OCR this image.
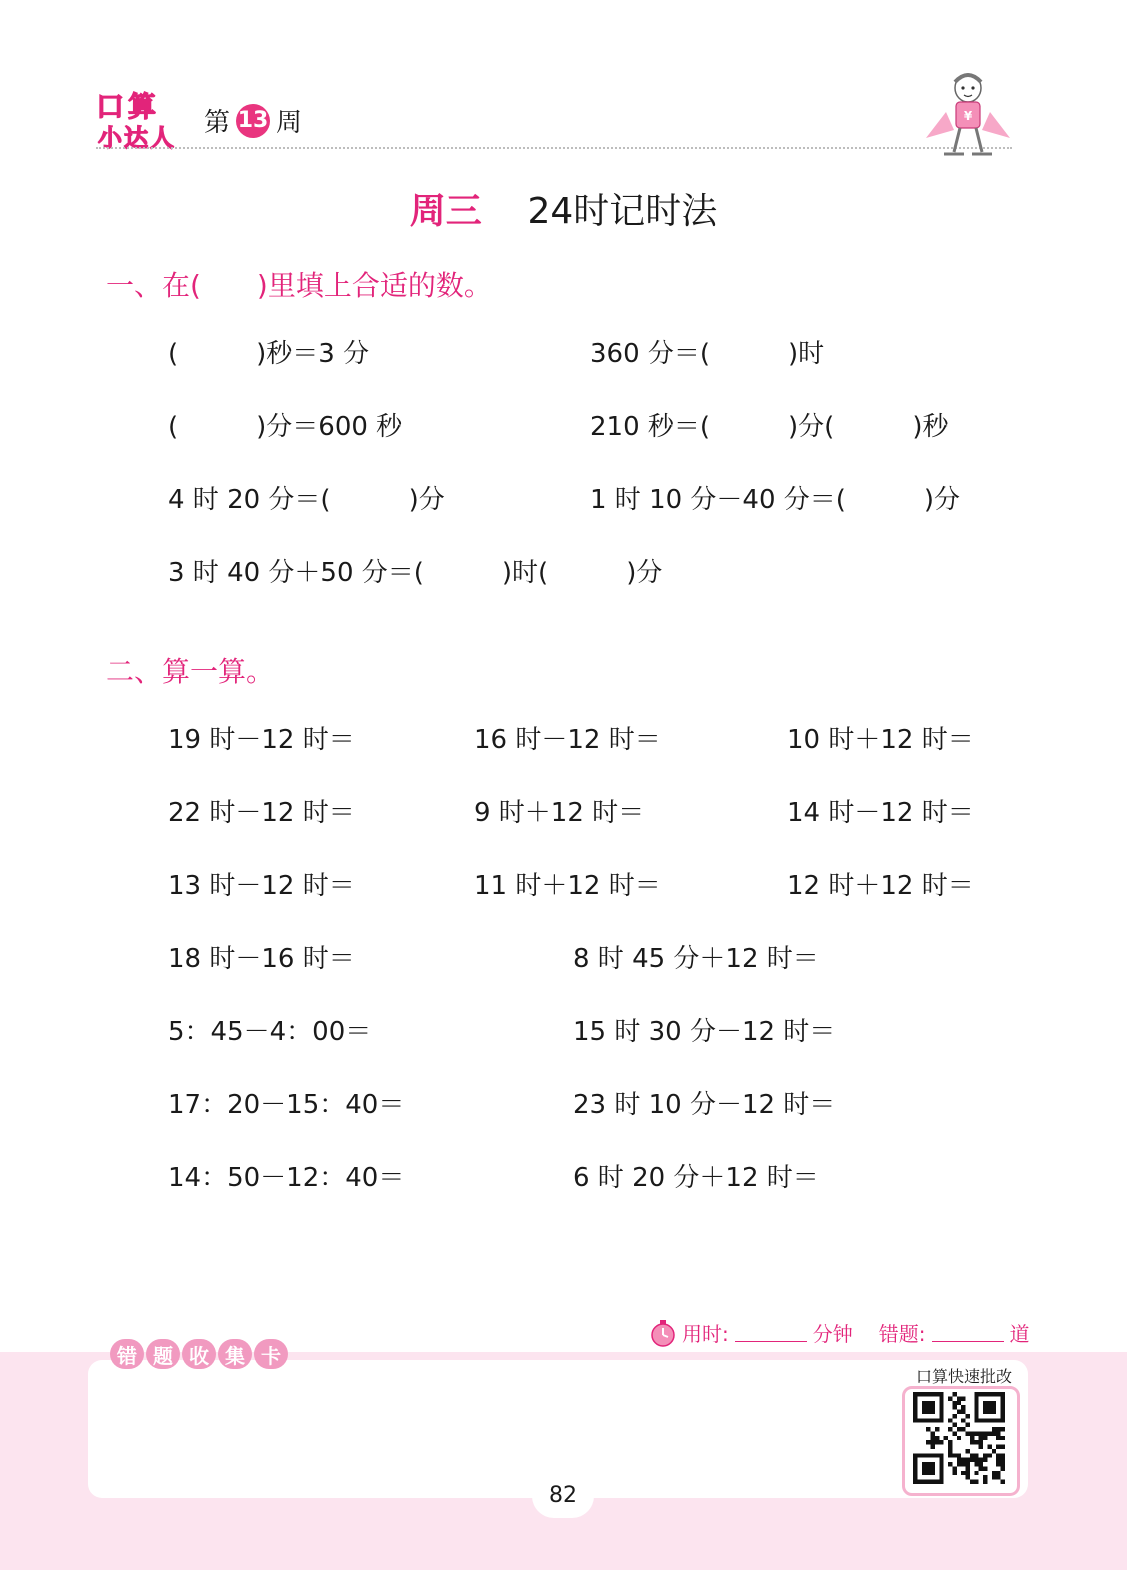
口 算
小 达 人 第 13 周	¥
周三 24时记时法
一、在(　　)里填上合适的数。
(　　　)秒＝3 分	360 分＝(　　　)时
(　　　)分＝600 秒	210 秒＝(　　　)分(　　　)秒
4 时 20 分＝(　　　)分	1 时 10 分－40 分＝(　　　)分
3 时 40 分＋50 分＝(　　　)时(　　　)分
二、算一算。
19 时－12 时＝	16 时－12 时＝	10 时＋12 时＝
22 时－12 时＝	9 时＋12 时＝	14 时－12 时＝
13 时－12 时＝	11 时＋12 时＝	12 时＋12 时＝
18 时－16 时＝	8 时 45 分＋12 时＝
5：45－4：00＝	15 时 30 分－12 时＝
17：20－15：40＝	23 时 10 分－12 时＝
14：50－12：40＝	6 时 20 分＋12 时＝
用时:	分钟 错题:	道
错 题 收 集 卡
口算快速批改
82
